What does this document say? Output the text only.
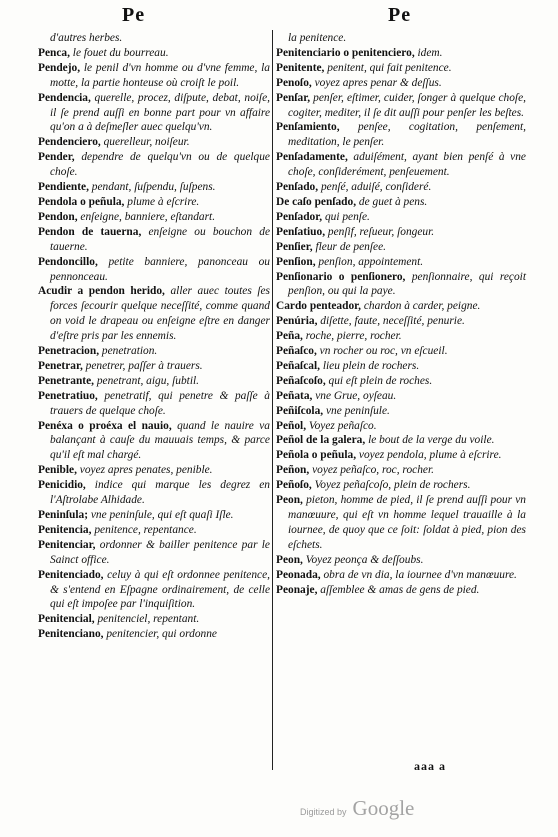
Pe	Pe

d'autres herbes.

Penca, le fouet du bourreau.

Pendejo, le penil d'vn homme ou d'vne femme, la motte, la partie honteuse où croiſt le poil.

Pendencia, querelle, procez, diſpute, debat, noiſe, il ſe prend auſſi en bonne part pour vn affaire qu'on a à deſmeſler auec quelqu'vn.

Pendenciero, querelleur, noiſeur.

Pender, dependre de quelqu'vn ou de quelque choſe.

Pendiente, pendant, ſuſpendu, ſuſpens.

Pendola o peñula, plume à eſcrire.

Pendon, enſeigne, banniere, eſtandart.

Pendon de tauerna, enſeigne ou bouchon de tauerne.

Pendoncillo, petite banniere, panonceau ou pennonceau.

Acudir a pendon herido, aller auec toutes ſes forces ſecourir quelque neceſſité, comme quand on void le drapeau ou enſeigne eſtre en danger d'eſtre pris par les ennemis.

Penetracion, penetration.

Penetrar, penetrer, paſſer à trauers.

Penetrante, penetrant, aigu, ſubtil.

Penetratiuo, penetratif, qui penetre & paſſe à trauers de quelque choſe.

Penéxa o proéxa el nauio, quand le nauire va balançant à cauſe du mauuais temps, & parce qu'il eſt mal chargé.

Penible, voyez apres penates, penible.

Penicidio, indice qui marque les degrez en l'Aſtrolabe Alhidade.

Peninſula; vne peninſule, qui eſt quaſi Iſle.

Penitencia, penitence, repentance.

Penitenciar, ordonner & bailler penitence par le Sainct office.

Penitenciado, celuy à qui eſt ordonnee penitence, & s'entend en Eſpagne ordinairement, de celle qui eſt impoſee par l'inquiſition.

Penitencial, penitenciel, repentant.

Penitenciano, penitencier, qui ordonne

la penitence.

Penitenciario o penitenciero, idem.

Penitente, penitent, qui fait penitence.

Penoſo, voyez apres penar & deſſus.

Penſar, penſer, eſtimer, cuider, ſonger à quelque choſe, cogiter, mediter, il ſe dit auſſi pour penſer les beſtes.

Penſamiento, penſee, cogitation, penſement, meditation, le penſer.

Penſadamente, aduiſément, ayant bien penſé à vne choſe, conſiderément, penſeuement.

Penſado, penſé, aduiſé, conſideré.

De caſo penſado, de guet à pens.

Penſador, qui penſe.

Penſatiuo, penſif, reſueur, ſongeur.

Penſier, fleur de penſee.

Penſion, penſion, appointement.

Penſionario o penſionero, penſionnaire, qui reçoit penſion, ou qui la paye.

Cardo penteador, chardon à carder, peigne.

Penúria, diſette, faute, neceſſité, penurie.

Peña, roche, pierre, rocher.

Peñaſco, vn rocher ou roc, vn eſcueil.

Peñaſcal, lieu plein de rochers.

Peñaſcoſo, qui eſt plein de roches.

Peñata, vne Grue, oyſeau.

Peñiſcola, vne peninſule.

Peñol, Voyez peñaſco.

Peñol de la galera, le bout de la verge du voile.

Peñola o peñula, voyez pendola, plume à eſcrire.

Peñon, voyez peñaſco, roc, rocher.

Peñoſo, Voyez peñaſcoſo, plein de rochers.

Peon, pieton, homme de pied, il ſe prend auſſi pour vn manœuure, qui eſt vn homme lequel trauaille à la iournee, de quoy que ce ſoit: ſoldat à pied, pion des eſchets.

Peon, Voyez peonça & deſſoubs.

Peonada, obra de vn dia, la iournee d'vn manœuure.

Peonaje, aſſemblee & amas de gens de pied.

aaa a
Digitized by Google
